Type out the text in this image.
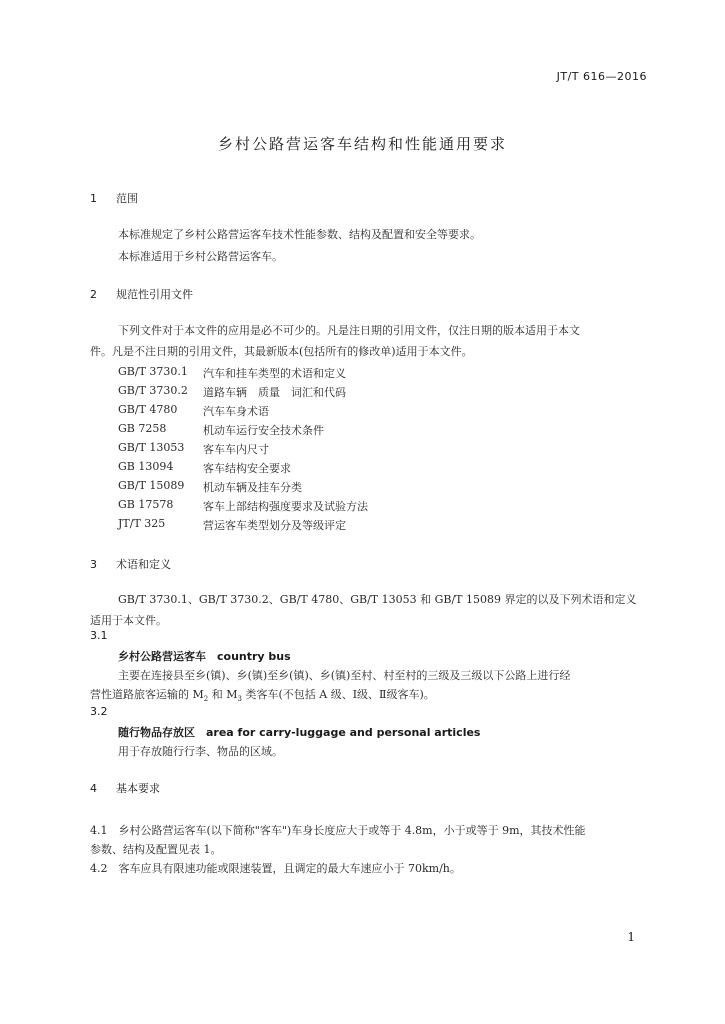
JT/T 616—2016
乡村公路营运客车结构和性能通用要求
1 范围
本标准规定了乡村公路营运客车技术性能参数、结构及配置和安全等要求。
本标准适用于乡村公路营运客车。
2 规范性引用文件
下列文件对于本文件的应用是必不可少的。凡是注日期的引用文件，仅注日期的版本适用于本文
件。凡是不注日期的引用文件，其最新版本(包括所有的修改单)适用于本文件。
GB/T 3730.1 汽车和挂车类型的术语和定义
GB/T 3730.2 道路车辆　质量　词汇和代码
GB/T 4780 汽车车身术语
GB 7258	机动车运行安全技术条件
GB/T 13053 客车车内尺寸
GB 13094	客车结构安全要求
GB/T 15089 机动车辆及挂车分类
GB 17578	客车上部结构强度要求及试验方法
JT/T 325	营运客车类型划分及等级评定
3 术语和定义
GB/T 3730.1、GB/T 3730.2、GB/T 4780、GB/T 13053 和 GB/T 15089 界定的以及下列术语和定义
适用于本文件。
3.1
乡村公路营运客车　country bus
主要在连接县至乡(镇)、乡(镇)至乡(镇)、乡(镇)至村、村至村的三级及三级以下公路上进行经
营性道路旅客运输的 $M_2$ 和 $M_3$ 类客车(不包括 A 级、Ⅰ级、Ⅱ级客车)。
3.2
随行物品存放区　area for carry-luggage and personal articles
用于存放随行行李、物品的区域。
4 基本要求
4.1　乡村公路营运客车(以下简称"客车")车身长度应大于或等于 4.8m，小于或等于 9m，其技术性能
参数、结构及配置见表 1。
4.2　客车应具有限速功能或限速装置，且调定的最大车速应小于 70km/h。
1
